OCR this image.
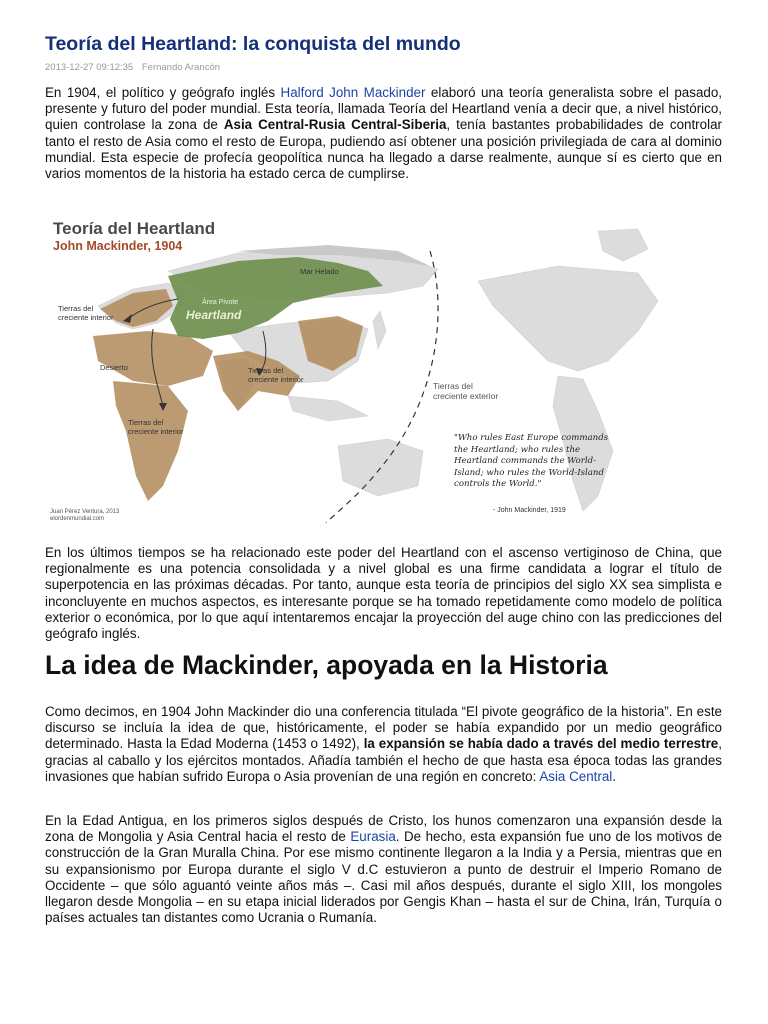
Teoría del Heartland: la conquista del mundo
2013-12-27 09:12:35 Fernando Arancón

En 1904, el político y geógrafo inglés Halford John Mackinder elaboró una teoría generalista sobre el pasado, presente y futuro del poder mundial. Esta teoría, llamada Teoría del Heartland venía a decir que, a nivel histórico, quien controlase la zona de Asia Central-Rusia Central-Siberia, tenía bastantes probabilidades de controlar tanto el resto de Asia como el resto de Europa, pudiendo así obtener una posición privilegiada de cara al dominio mundial. Esta especie de profecía geopolítica nunca ha llegado a darse realmente, aunque sí es cierto que en varios momentos de la historia ha estado cerca de cumplirse.

En los últimos tiempos se ha relacionado este poder del Heartland con el ascenso vertiginoso de China, que regionalmente es una potencia consolidada y a nivel global es una firme candidata a lograr el título de superpotencia en las próximas décadas. Por tanto, aunque esta teoría de principios del siglo XX sea simplista e inconcluyente en muchos aspectos, es interesante porque se ha tomado repetidamente como modelo de política exterior o económica, por lo que aquí intentaremos encajar la proyección del auge chino con las predicciones del geógrafo inglés.

La idea de Mackinder, apoyada en la Historia

Como decimos, en 1904 John Mackinder dio una conferencia titulada “El pivote geográfico de la historia”. En este discurso se incluía la idea de que, históricamente, el poder se había expandido por un medio geográfico determinado. Hasta la Edad Moderna (1453 o 1492), la expansión se había dado a través del medio terrestre, gracias al caballo y los ejércitos montados. Añadía también el hecho de que hasta esa época todas las grandes invasiones que habían sufrido Europa o Asia provenían de una región en concreto: Asia Central.

En la Edad Antigua, en los primeros siglos después de Cristo, los hunos comenzaron una expansión desde la zona de Mongolia y Asia Central hacia el resto de Eurasia. De hecho, esta expansión fue uno de los motivos de construcción de la Gran Muralla China. Por ese mismo continente llegaron a la India y a Persia, mientras que en su expansionismo por Europa durante el siglo V d.C estuvieron a punto de destruir el Imperio Romano de Occidente – que sólo aguantó veinte años más –. Casi mil años después, durante el siglo XIII, los mongoles llegaron desde Mongolia – en su etapa inicial liderados por Gengis Khan – hasta el sur de China, Irán, Turquía o países actuales tan distantes como Ucrania o Rumanía.

Teoría del Heartland
John Mackinder, 1904
Mar Helado
Área Pivote
Heartland
Tierras del creciente interior
Desierto	Tierras del creciente interior
Tierras del creciente interior
Tierras del creciente exterior
"Who rules East Europe commands the Heartland; who rules the Heartland commands the World-Island; who rules the World-Island controls the World."
- John Mackinder, 1919
Juan Pérez Ventura, 2013
elordenmundial.com
